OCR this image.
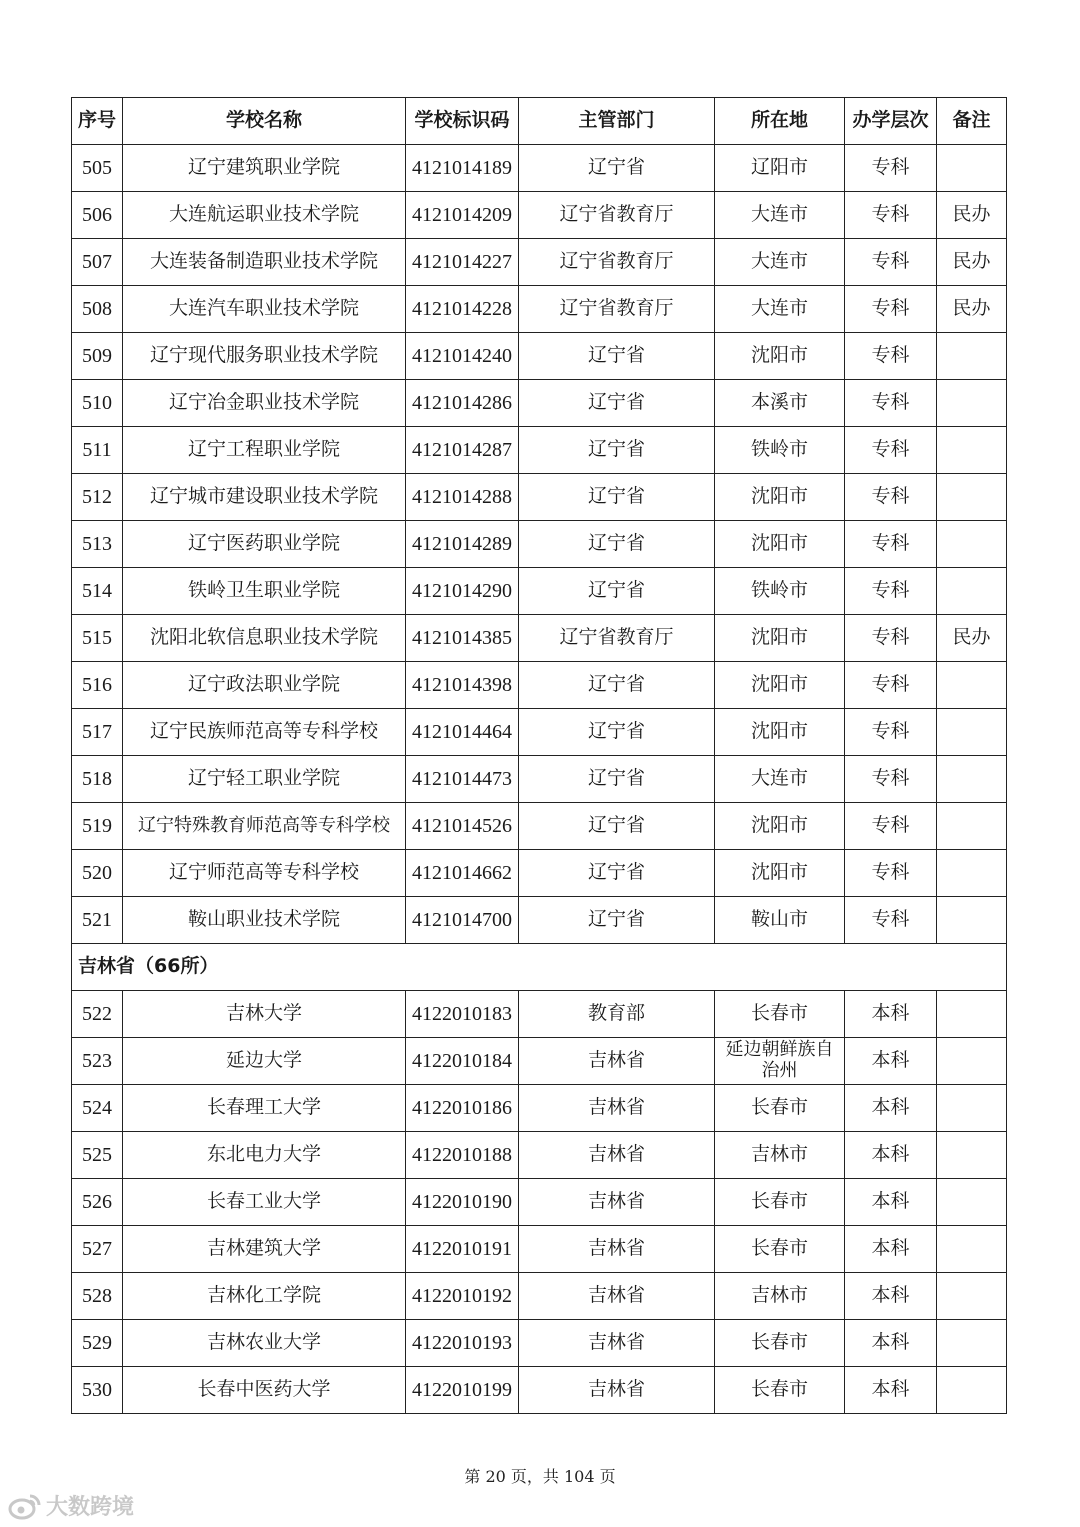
序号	学校名称	学校标识码	主管部门	所在地	办学层次	备注
505	辽宁建筑职业学院	4121014189	辽宁省	辽阳市	专科	
506	大连航运职业技术学院	4121014209	辽宁省教育厅	大连市	专科	民办
507	大连装备制造职业技术学院	4121014227	辽宁省教育厅	大连市	专科	民办
508	大连汽车职业技术学院	4121014228	辽宁省教育厅	大连市	专科	民办
509	辽宁现代服务职业技术学院	4121014240	辽宁省	沈阳市	专科	
510	辽宁冶金职业技术学院	4121014286	辽宁省	本溪市	专科	
511	辽宁工程职业学院	4121014287	辽宁省	铁岭市	专科	
512	辽宁城市建设职业技术学院	4121014288	辽宁省	沈阳市	专科	
513	辽宁医药职业学院	4121014289	辽宁省	沈阳市	专科	
514	铁岭卫生职业学院	4121014290	辽宁省	铁岭市	专科	
515	沈阳北软信息职业技术学院	4121014385	辽宁省教育厅	沈阳市	专科	民办
516	辽宁政法职业学院	4121014398	辽宁省	沈阳市	专科	
517	辽宁民族师范高等专科学校	4121014464	辽宁省	沈阳市	专科	
518	辽宁轻工职业学院	4121014473	辽宁省	大连市	专科	
519	辽宁特殊教育师范高等专科学校	4121014526	辽宁省	沈阳市	专科	
520	辽宁师范高等专科学校	4121014662	辽宁省	沈阳市	专科	
521	鞍山职业技术学院	4121014700	辽宁省	鞍山市	专科	
吉林省（66所）						
522	吉林大学	4122010183	教育部	长春市	本科	
523	延边大学	4122010184	吉林省	延边朝鲜族自治州	本科	
524	长春理工大学	4122010186	吉林省	长春市	本科	
525	东北电力大学	4122010188	吉林省	吉林市	本科	
526	长春工业大学	4122010190	吉林省	长春市	本科	
527	吉林建筑大学	4122010191	吉林省	长春市	本科	
528	吉林化工学院	4122010192	吉林省	吉林市	本科	
529	吉林农业大学	4122010193	吉林省	长春市	本科	
530	长春中医药大学	4122010199	吉林省	长春市	本科	
第 20 页，共 104 页
大数跨境
